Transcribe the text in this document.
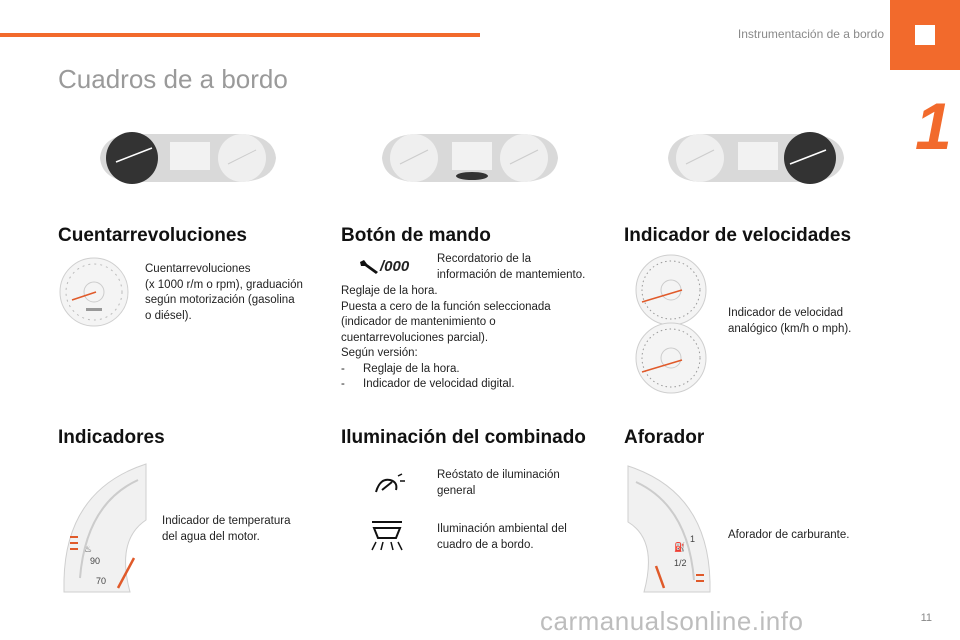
Instrumentación de a bordo
1
Cuadros de a bordo
Cuentarrevoluciones
Cuentarrevoluciones
(x 1000 r/m o rpm), graduación
según motorización (gasolina
o diésel).
Botón de mando
/000 Recordatorio de la
información de mantemiento.
Reglaje de la hora.
Puesta a cero de la función seleccionada
(indicador de mantenimiento o
cuentarrevoluciones parcial).
Según versión:
-	Reglaje de la hora.
-	Indicador de velocidad digital.
Indicador de velocidades
Indicador de velocidad
analógico (km/h o mph).
Indicadores
♨
90
70
Indicador de temperatura
del agua del motor.
Iluminación del combinado
Reóstato de iluminación
general
Iluminación ambiental del
cuadro de a bordo.
Aforador
⛽
1
1/2
Aforador de carburante.
carmanualsonline.info	11
